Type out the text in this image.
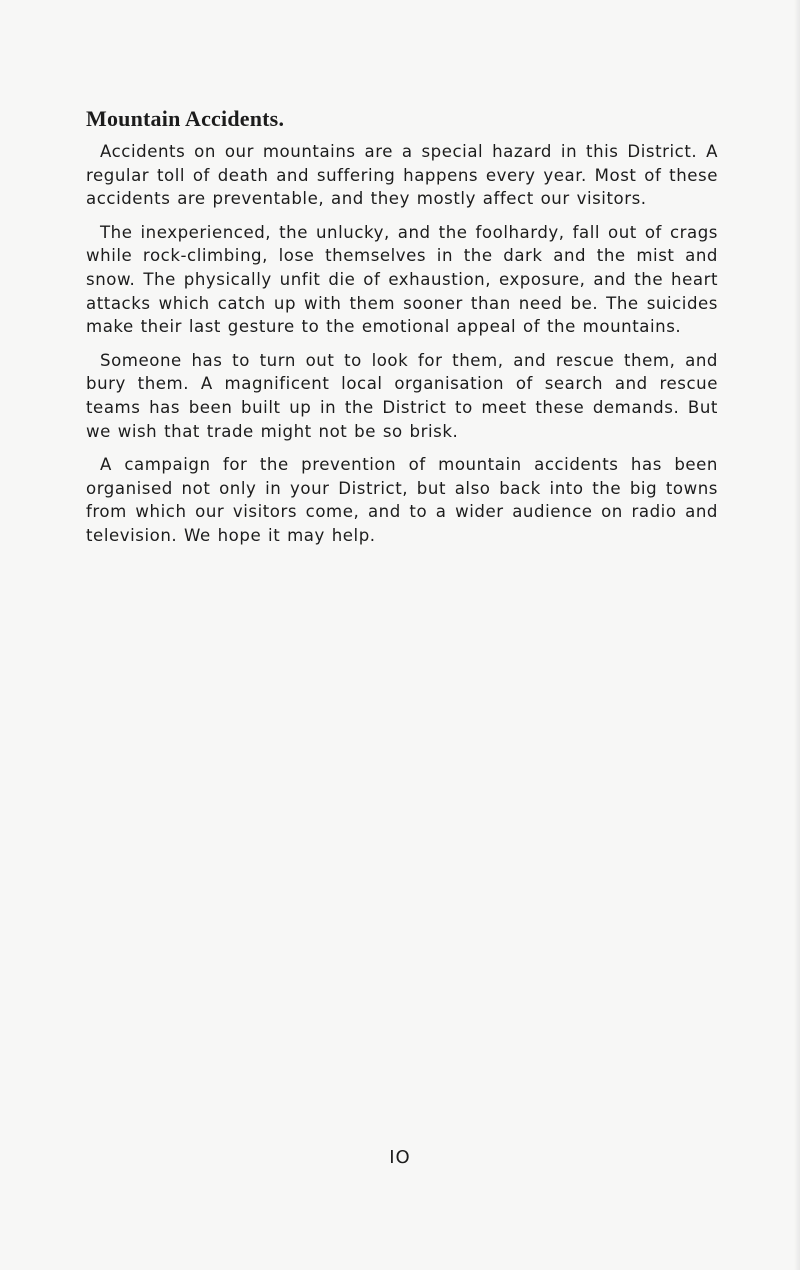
Mountain Accidents.

Accidents on our mountains are a special hazard in this District. A regular toll of death and suffering happens every year. Most of these accidents are preventable, and they mostly affect our visitors.

The inexperienced, the unlucky, and the foolhardy, fall out of crags while rock-climbing, lose themselves in the dark and the mist and snow. The physically unfit die of exhaustion, exposure, and the heart attacks which catch up with them sooner than need be. The suicides make their last gesture to the emotional appeal of the mountains.

Someone has to turn out to look for them, and rescue them, and bury them. A magnificent local organisation of search and rescue teams has been built up in the District to meet these demands. But we wish that trade might not be so brisk.

A campaign for the prevention of mountain accidents has been organised not only in your District, but also back into the big towns from which our visitors come, and to a wider audience on radio and television. We hope it may help.

IO
